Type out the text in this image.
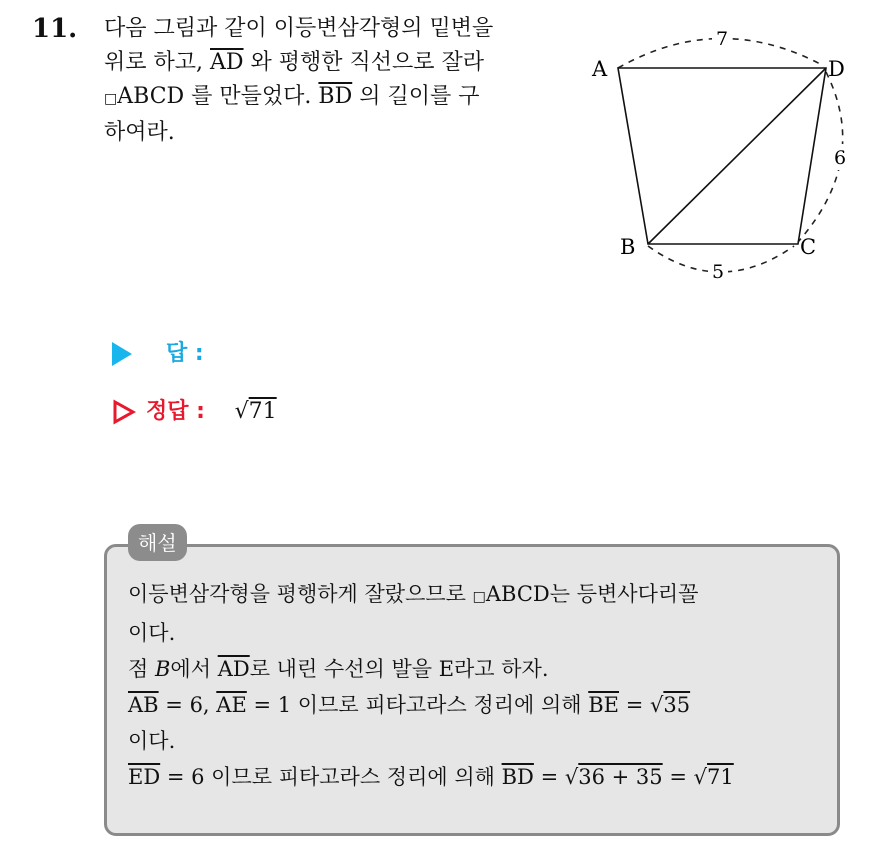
11. 다음 그림과 같이 이등변삼각형의 밑변을
위로 하고, $\overline{AD}$ 와 평행한 직선으로 잘라
□ABCD 를 만들었다. $\overline{BD}$ 의 길이를 구
하여라.
A	D
B	C
7
6
5
답 :
정답 : √71
해설
이등변삼각형을 평행하게 잘랐으므로 □ABCD는 등변사다리꼴
이다.
점 B에서 $\overline{AD}$로 내린 수선의 발을 E라고 하자.
$\overline{AB} = 6$, $\overline{AE} = 1$ 이므로 피타고라스 정리에 의해 $\overline{BE} = √35$
이다.
$\overline{ED} = 6$ 이므로 피타고라스 정리에 의해 $\overline{BD} = √36 + 35 = √71$
